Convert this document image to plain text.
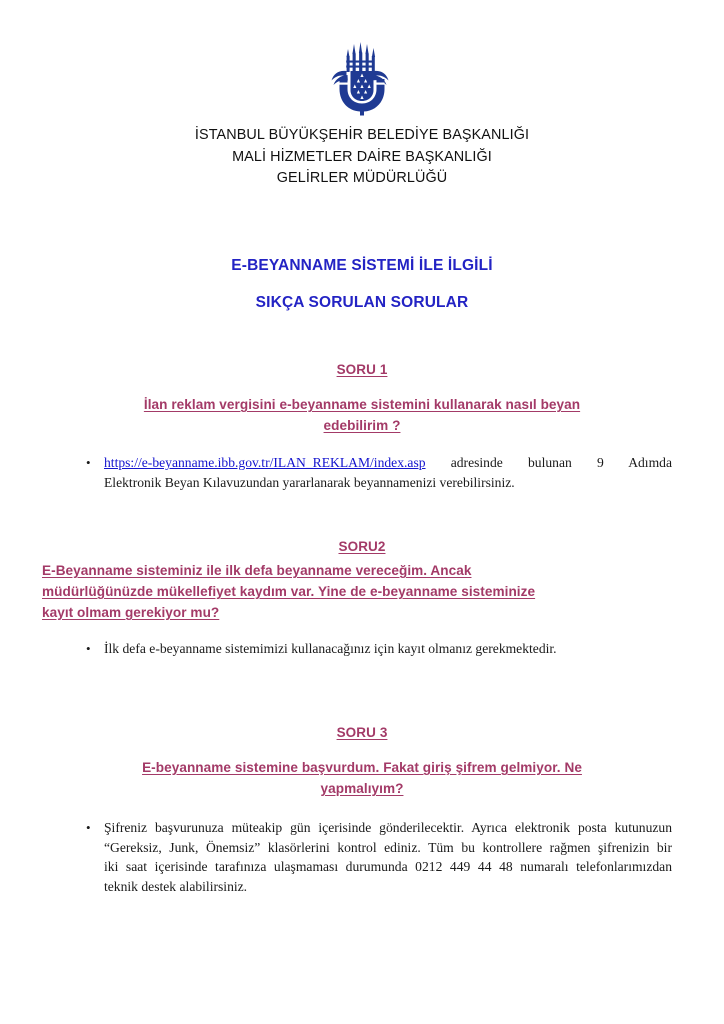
İSTANBUL BÜYÜKŞEHİR BELEDİYE BAŞKANLIĞI
MALİ HİZMETLER DAİRE BAŞKANLIĞI
GELİRLER MÜDÜRLÜĞÜ
E-BEYANNAME SİSTEMİ İLE İLGİLİ
SIKÇA SORULAN SORULAR
SORU 1
İlan reklam vergisini e-beyanname sistemini kullanarak nasıl beyan
edebilirim ?
• https://e-beyanname.ibb.gov.tr/ILAN_REKLAM/index.asp adresinde bulunan 9 Adımda
Elektronik Beyan Kılavuzundan yararlanarak beyannamenizi verebilirsiniz.
SORU2
E-Beyanname sisteminiz ile ilk defa beyanname vereceğim. Ancak
müdürlüğünüzde mükellefiyet kaydım var. Yine de e-beyanname sisteminize
kayıt olmam gerekiyor mu?
• İlk defa e-beyanname sistemimizi kullanacağınız için kayıt olmanız gerekmektedir.
SORU 3
E-beyanname sistemine başvurdum. Fakat giriş şifrem gelmiyor. Ne
yapmalıyım?
• Şifreniz başvurunuza müteakip gün içerisinde gönderilecektir. Ayrıca elektronik posta kutunuzun
“Gereksiz, Junk, Önemsiz” klasörlerini kontrol ediniz. Tüm bu kontrollere rağmen şifrenizin bir
iki saat içerisinde tarafınıza ulaşmaması durumunda 0212 449 44 48 numaralı telefonlarımızdan
teknik destek alabilirsiniz.
